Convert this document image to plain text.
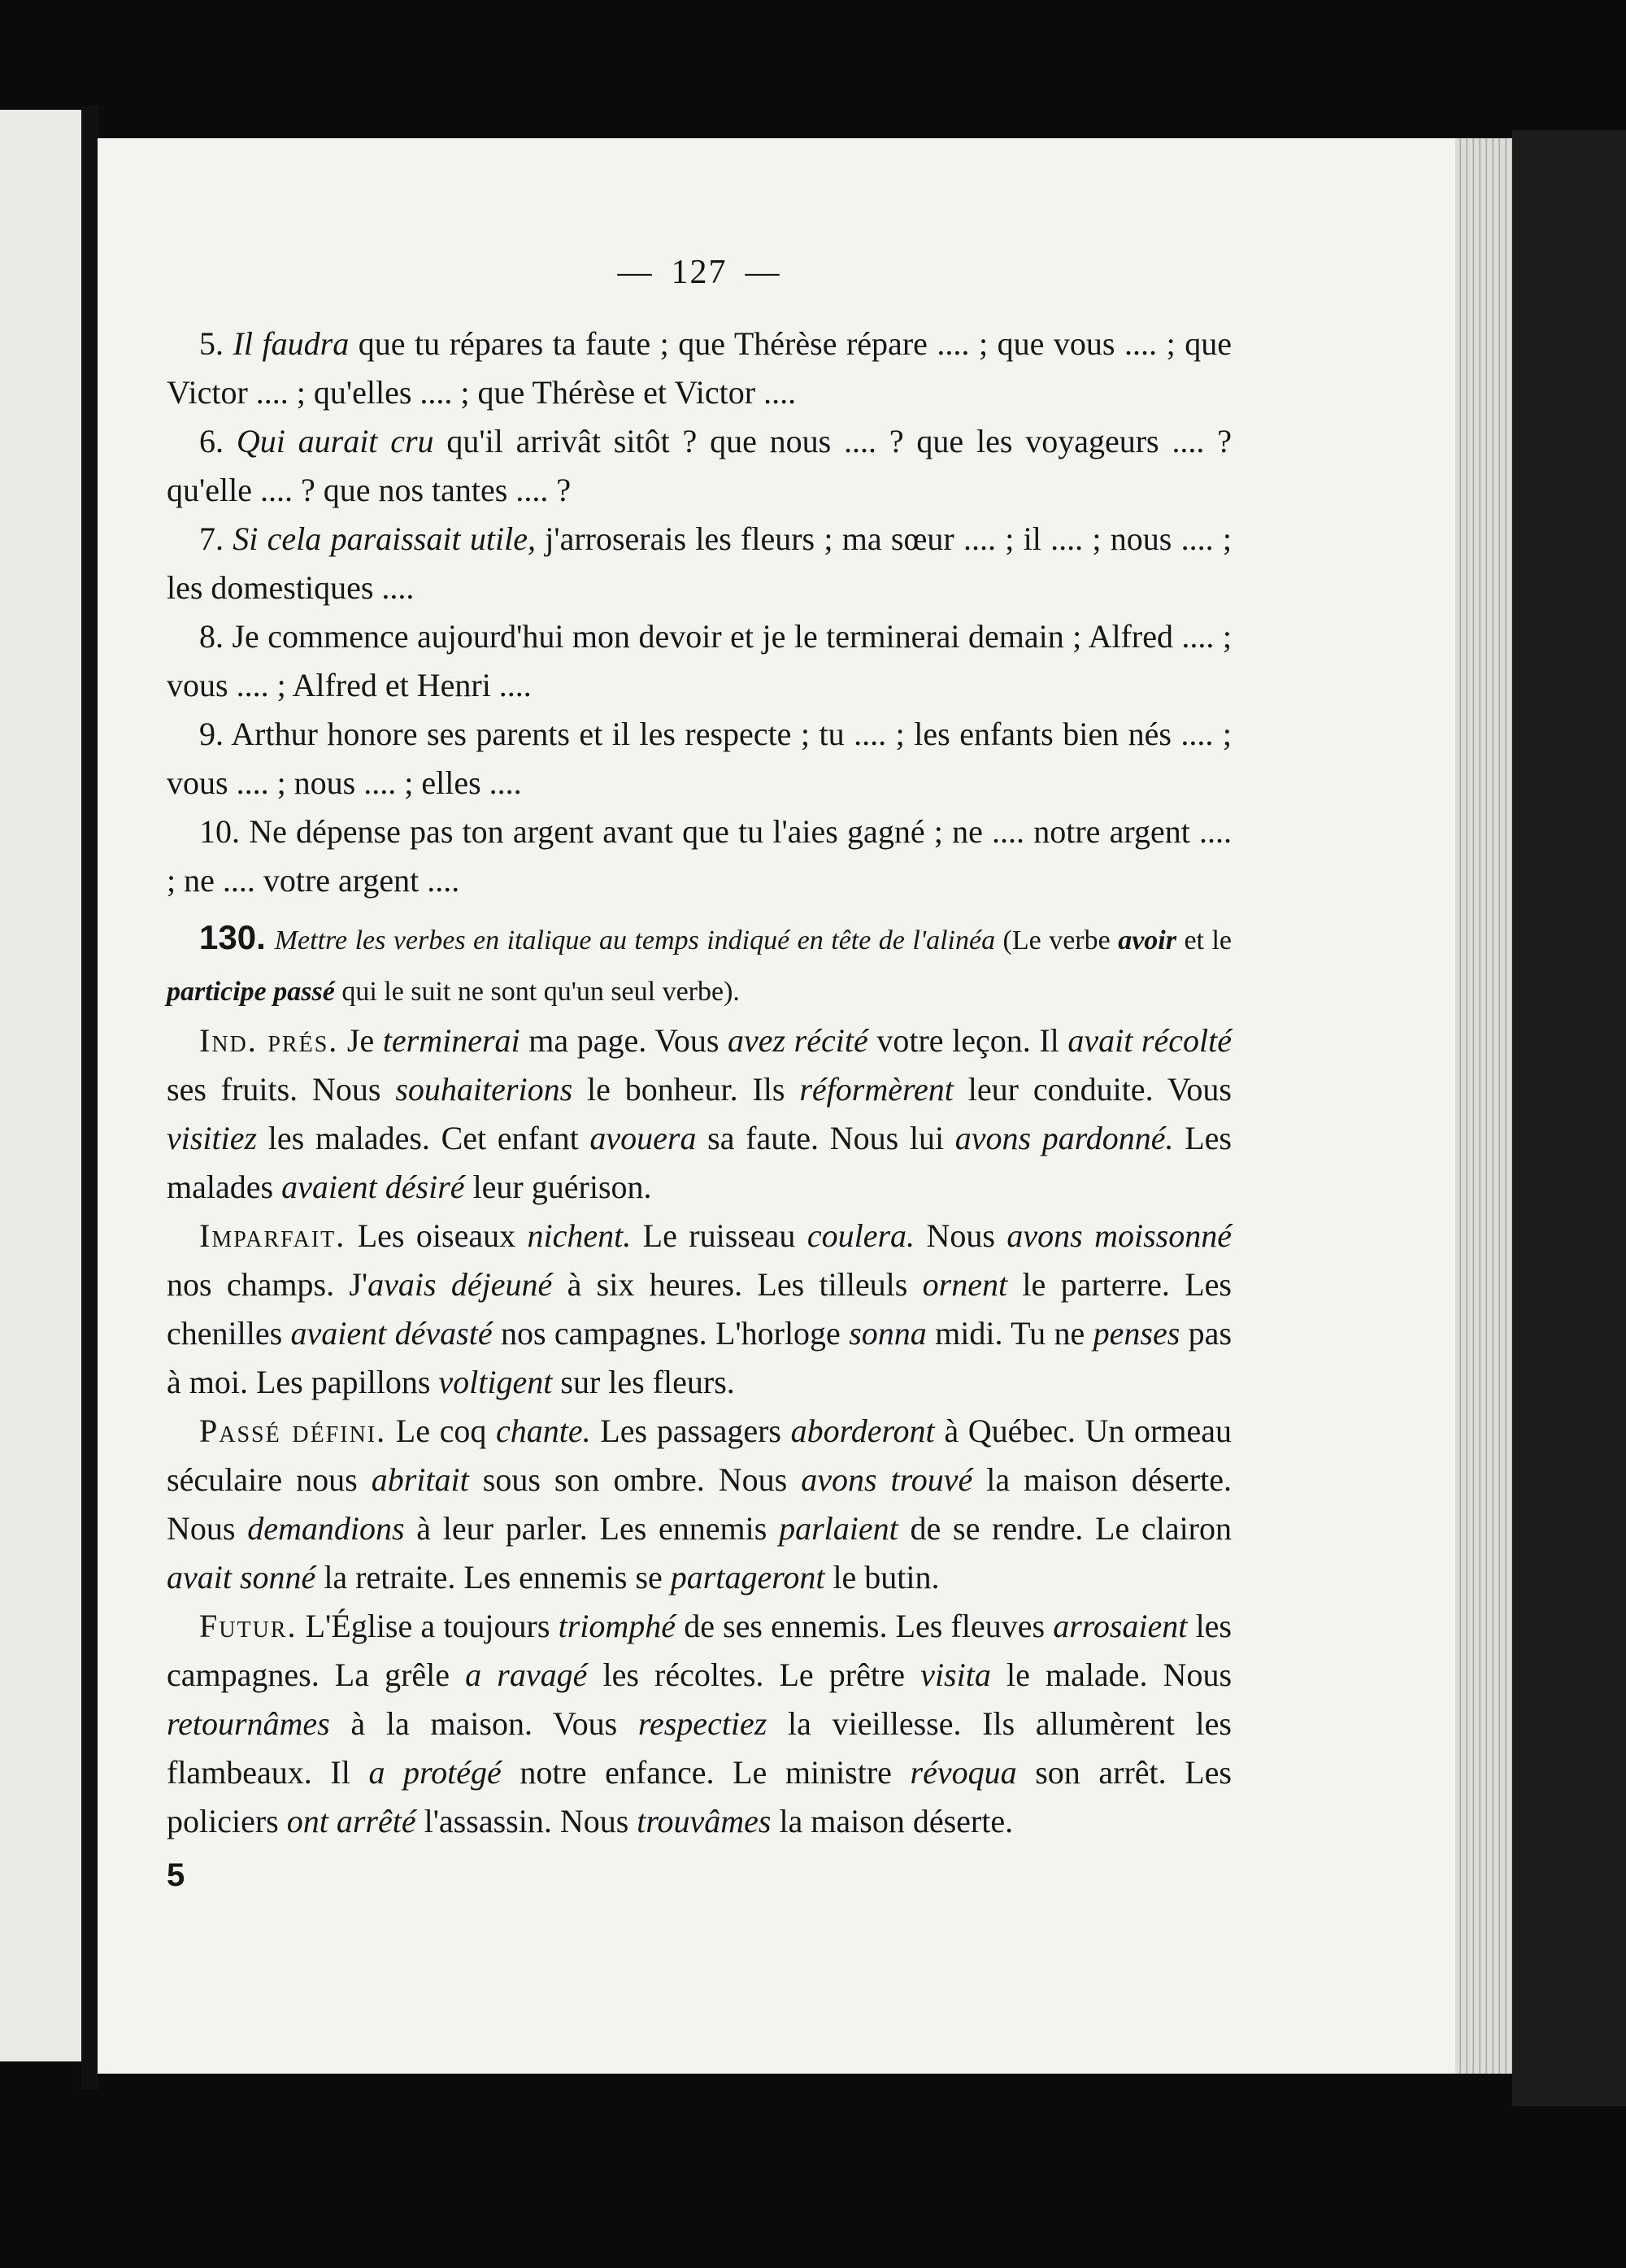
— 127 —

5. Il faudra que tu répares ta faute ; que Thérèse répare .... ; que vous .... ; que Victor .... ; qu'elles .... ; que Thérèse et Victor ....

6. Qui aurait cru qu'il arrivât sitôt ? que nous .... ? que les voyageurs .... ? qu'elle .... ? que nos tantes .... ?

7. Si cela paraissait utile, j'arroserais les fleurs ; ma sœur .... ; il .... ; nous .... ; les domestiques ....

8. Je commence aujourd'hui mon devoir et je le terminerai demain ; Alfred .... ; vous .... ; Alfred et Henri ....

9. Arthur honore ses parents et il les respecte ; tu .... ; les enfants bien nés .... ; vous .... ; nous .... ; elles ....

10. Ne dépense pas ton argent avant que tu l'aies gagné ; ne .... notre argent .... ; ne .... votre argent ....

130. Mettre les verbes en italique au temps indiqué en tête de l'alinéa (Le verbe avoir et le participe passé qui le suit ne sont qu'un seul verbe).

Ind. prés. Je terminerai ma page. Vous avez récité votre leçon. Il avait récolté ses fruits. Nous souhaiterions le bonheur. Ils réformèrent leur conduite. Vous visitiez les malades. Cet enfant avouera sa faute. Nous lui avons pardonné. Les malades avaient désiré leur guérison.

Imparfait. Les oiseaux nichent. Le ruisseau coulera. Nous avons moissonné nos champs. J'avais déjeuné à six heures. Les tilleuls ornent le parterre. Les chenilles avaient dévasté nos campagnes. L'horloge sonna midi. Tu ne penses pas à moi. Les papillons voltigent sur les fleurs.

Passé défini. Le coq chante. Les passagers aborderont à Québec. Un ormeau séculaire nous abritait sous son ombre. Nous avons trouvé la maison déserte. Nous demandions à leur parler. Les ennemis parlaient de se rendre. Le clairon avait sonné la retraite. Les ennemis se partageront le butin.

Futur. L'Église a toujours triomphé de ses ennemis. Les fleuves arrosaient les campagnes. La grêle a ravagé les récoltes. Le prêtre visita le malade. Nous retournâmes à la maison. Vous respectiez la vieillesse. Ils allumèrent les flambeaux. Il a protégé notre enfance. Le ministre révoqua son arrêt. Les policiers ont arrêté l'assassin. Nous trouvâmes la maison déserte.

5
